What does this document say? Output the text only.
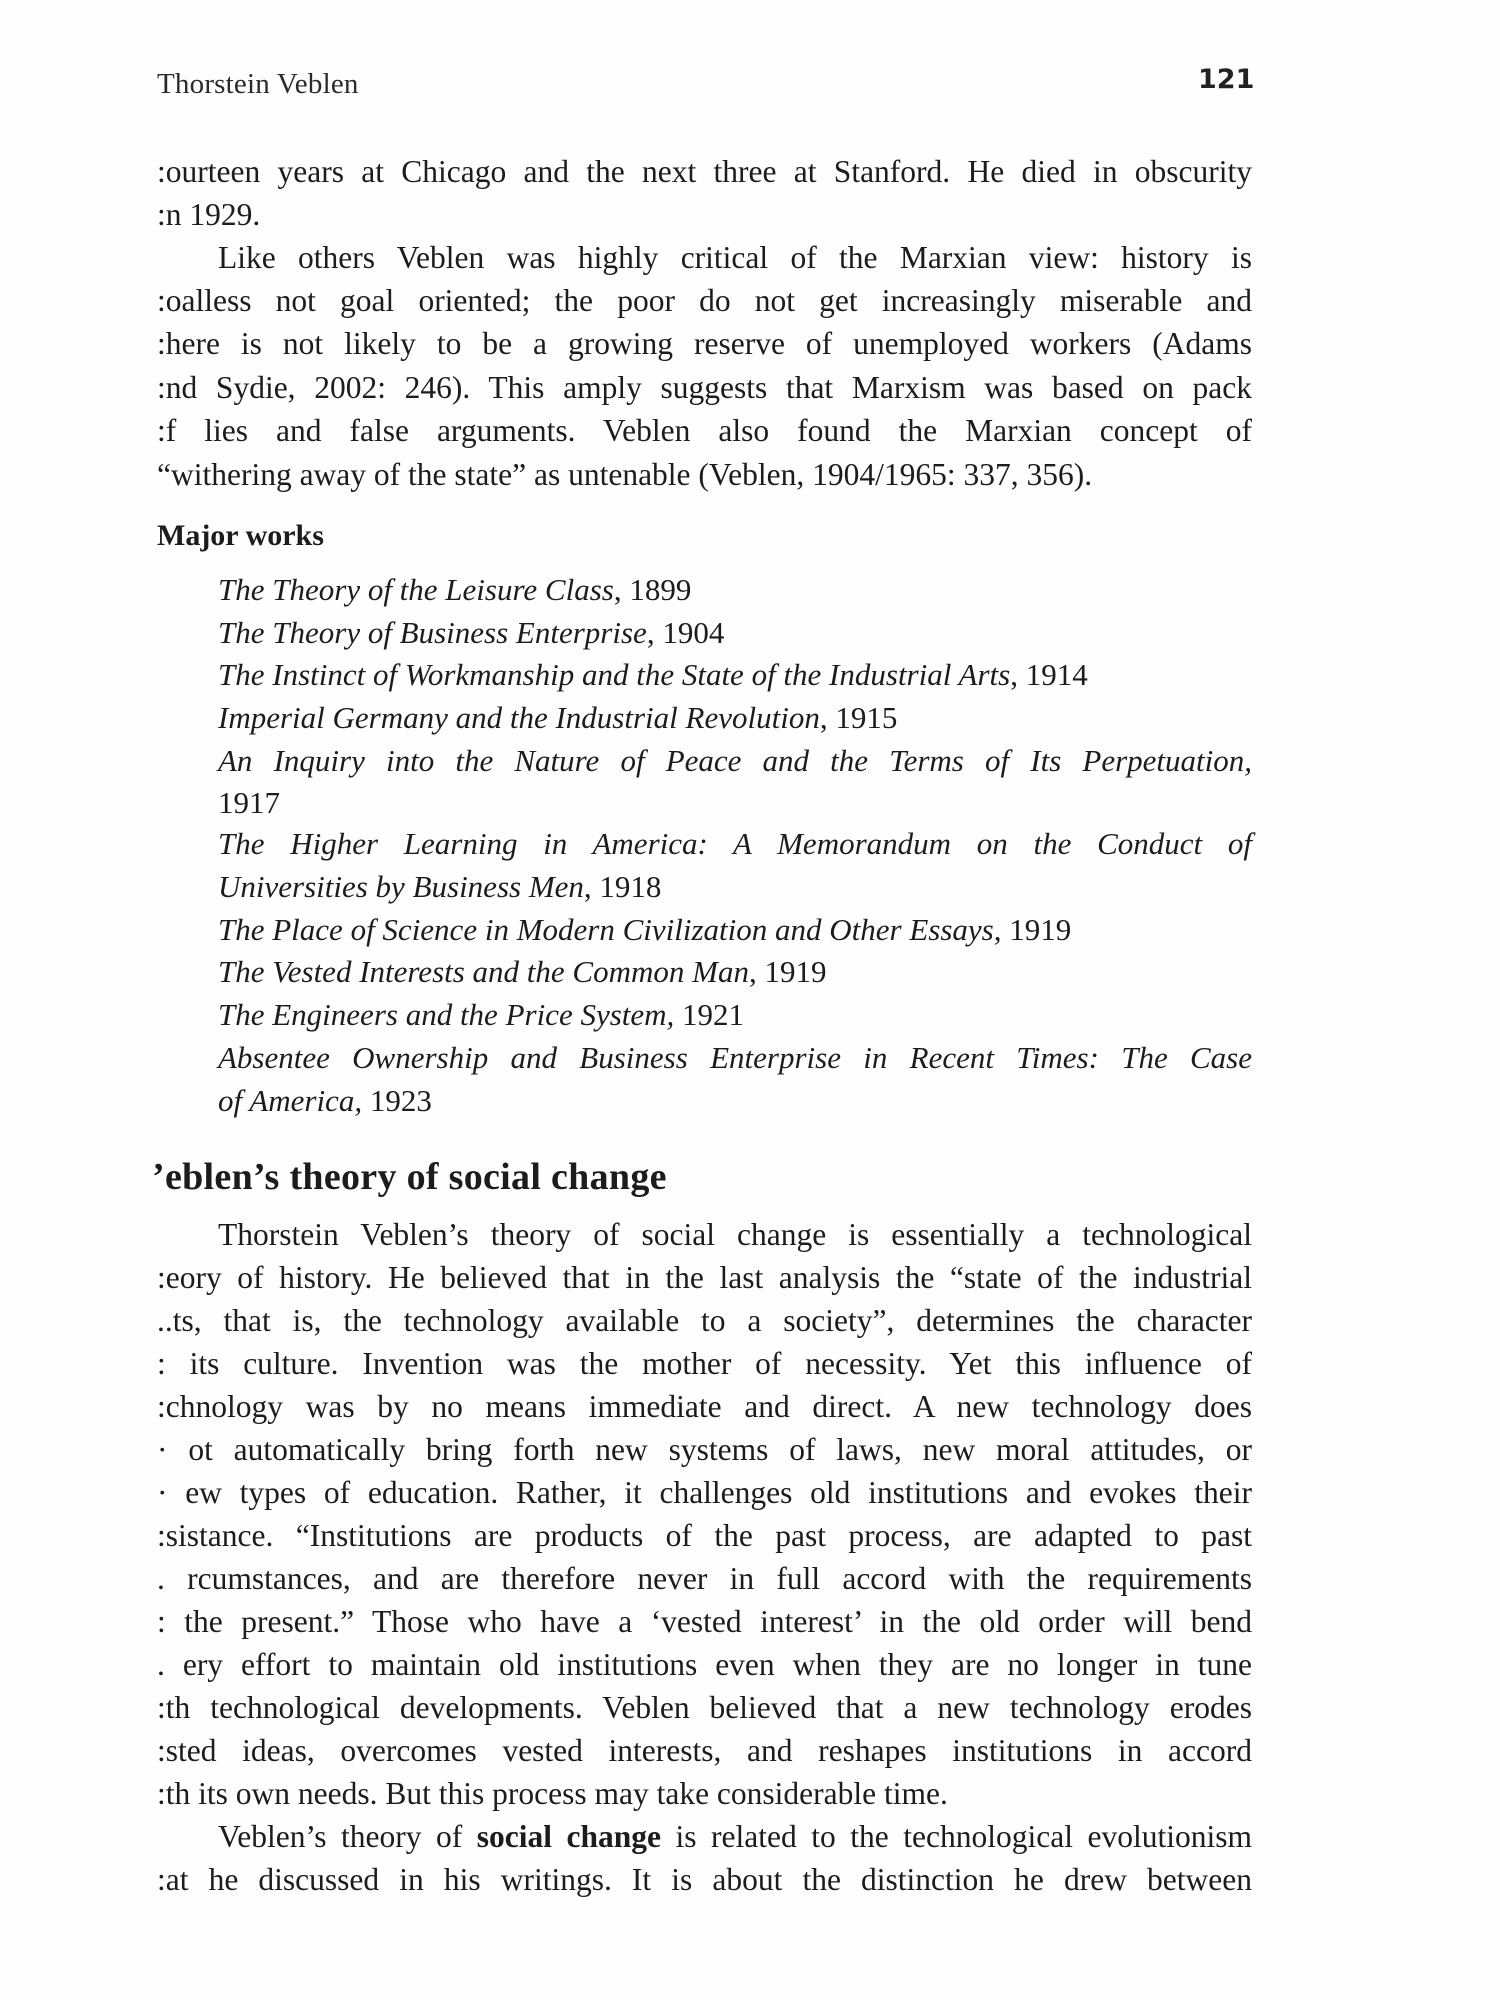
Thorstein Veblen	121
:ourteen years at Chicago and the next three at Stanford. He died in obscurity
:n 1929.
Like others Veblen was highly critical of the Marxian view: history is
:oalless not goal oriented; the poor do not get increasingly miserable and
:here is not likely to be a growing reserve of unemployed workers (Adams
:nd Sydie, 2002: 246). This amply suggests that Marxism was based on pack
:f lies and false arguments. Veblen also found the Marxian concept of
“withering away of the state” as untenable (Veblen, 1904/1965: 337, 356).
Major works
The Theory of the Leisure Class, 1899
The Theory of Business Enterprise, 1904
The Instinct of Workmanship and the State of the Industrial Arts, 1914
Imperial Germany and the Industrial Revolution, 1915
An Inquiry into the Nature of Peace and the Terms of Its Perpetuation,
1917
The Higher Learning in America: A Memorandum on the Conduct of
Universities by Business Men, 1918
The Place of Science in Modern Civilization and Other Essays, 1919
The Vested Interests and the Common Man, 1919
The Engineers and the Price System, 1921
Absentee Ownership and Business Enterprise in Recent Times: The Case
of America, 1923
’eblen’s theory of social change
Thorstein Veblen’s theory of social change is essentially a technological
:eory of history. He believed that in the last analysis the “state of the industrial
..ts, that is, the technology available to a society”, determines the character
: its culture. Invention was the mother of necessity. Yet this influence of
:chnology was by no means immediate and direct. A new technology does
· ot automatically bring forth new systems of laws, new moral attitudes, or
· ew types of education. Rather, it challenges old institutions and evokes their
:sistance. “Institutions are products of the past process, are adapted to past
. rcumstances, and are therefore never in full accord with the requirements
: the present.” Those who have a ‘vested interest’ in the old order will bend
. ery effort to maintain old institutions even when they are no longer in tune
:th technological developments. Veblen believed that a new technology erodes
:sted ideas, overcomes vested interests, and reshapes institutions in accord
:th its own needs. But this process may take considerable time.
Veblen’s theory of social change is related to the technological evolutionism
:at he discussed in his writings. It is about the distinction he drew between
